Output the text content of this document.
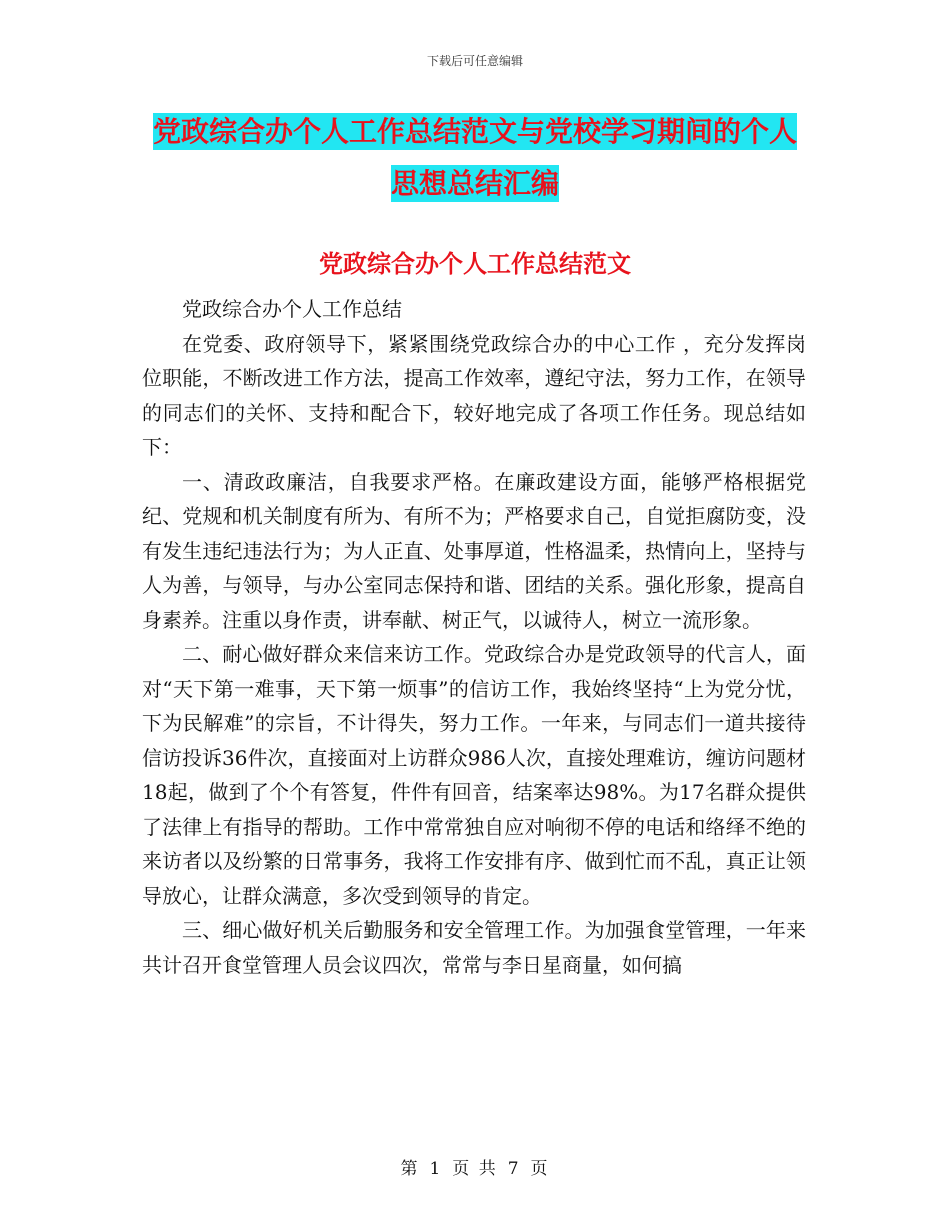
下载后可任意编辑
党政综合办个人工作总结范文与党校学习期间的个人
思想总结汇编
党政综合办个人工作总结范文

党政综合办个人工作总结

在党委、政府领导下，紧紧围绕党政综合办的中心工作 ，充分发挥岗位职能，不断改进工作方法，提高工作效率，遵纪守法，努力工作，在领导的同志们的关怀、支持和配合下，较好地完成了各项工作任务。现总结如下：

一、清政政廉洁，自我要求严格。在廉政建设方面，能够严格根据党纪、党规和机关制度有所为、有所不为；严格要求自己，自觉拒腐防变，没有发生违纪违法行为；为人正直、处事厚道，性格温柔，热情向上，坚持与人为善，与领导，与办公室同志保持和谐、团结的关系。强化形象，提高自身素养。注重以身作责，讲奉献、树正气，以诚待人，树立一流形象。

二、耐心做好群众来信来访工作。党政综合办是党政领导的代言人，面对“天下第一难事，天下第一烦事”的信访工作，我始终坚持“上为党分忧，下为民解难”的宗旨，不计得失，努力工作。一年来，与同志们一道共接待信访投诉36件次，直接面对上访群众986人次，直接处理难访，缠访问题材18起，做到了个个有答复，件件有回音，结案率达98%。为17名群众提供了法律上有指导的帮助。工作中常常独自应对响彻不停的电话和络绎不绝的来访者以及纷繁的日常事务，我将工作安排有序、做到忙而不乱，真正让领导放心，让群众满意，多次受到领导的肯定。

三、细心做好机关后勤服务和安全管理工作。为加强食堂管理，一年来共计召开食堂管理人员会议四次，常常与李日星商量，如何搞

第 1 页 共 7 页
